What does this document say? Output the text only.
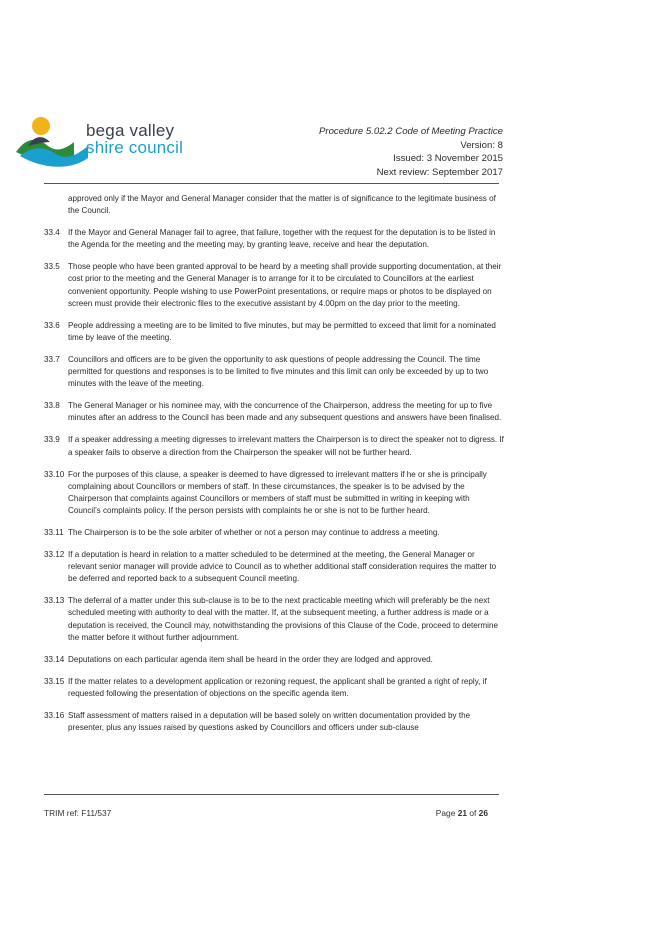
bega valley
shire council
Procedure 5.02.2 Code of Meeting Practice
Version: 8
Issued: 3 November 2015
Next review: September 2017
approved only if the Mayor and General Manager consider that the matter is of significance to the legitimate business of the Council.
33.4	If the Mayor and General Manager fail to agree, that failure, together with the request for the deputation is to be listed in the Agenda for the meeting and the meeting may, by granting leave, receive and hear the deputation.
33.5	Those people who have been granted approval to be heard by a meeting shall provide supporting documentation, at their cost prior to the meeting and the General Manager is to arrange for it to be circulated to Councillors at the earliest convenient opportunity. People wishing to use PowerPoint presentations, or require maps or photos to be displayed on screen must provide their electronic files to the executive assistant by 4.00pm on the day prior to the meeting.
33.6	People addressing a meeting are to be limited to five minutes, but may be permitted to exceed that limit for a nominated time by leave of the meeting.
33.7	Councillors and officers are to be given the opportunity to ask questions of people addressing the Council. The time permitted for questions and responses is to be limited to five minutes and this limit can only be exceeded by up to two minutes with the leave of the meeting.
33.8	The General Manager or his nominee may, with the concurrence of the Chairperson, address the meeting for up to five minutes after an address to the Council has been made and any subsequent questions and answers have been finalised.
33.9	If a speaker addressing a meeting digresses to irrelevant matters the Chairperson is to direct the speaker not to digress. If a speaker fails to observe a direction from the Chairperson the speaker will not be further heard.
33.10 For the purposes of this clause, a speaker is deemed to have digressed to irrelevant matters if he or she is principally complaining about Councillors or members of staff. In these circumstances, the speaker is to be advised by the Chairperson that complaints against Councillors or members of staff must be submitted in writing in keeping with Council’s complaints policy. If the person persists with complaints he or she is not to be further heard.
33.11 The Chairperson is to be the sole arbiter of whether or not a person may continue to address a meeting.
33.12 If a deputation is heard in relation to a matter scheduled to be determined at the meeting, the General Manager or relevant senior manager will provide advice to Council as to whether additional staff consideration requires the matter to be deferred and reported back to a subsequent Council meeting.
33.13 The deferral of a matter under this sub-clause is to be to the next practicable meeting which will preferably be the next scheduled meeting with authority to deal with the matter. If, at the subsequent meeting, a further address is made or a deputation is received, the Council may, notwithstanding the provisions of this Clause of the Code, proceed to determine the matter before it without further adjournment.
33.14 Deputations on each particular agenda item shall be heard in the order they are lodged and approved.
33.15 If the matter relates to a development application or rezoning request, the applicant shall be granted a right of reply, if requested following the presentation of objections on the specific agenda item.
33.16 Staff assessment of matters raised in a deputation will be based solely on written documentation provided by the presenter, plus any issues raised by questions asked by Councillors and officers under sub-clause
TRIM ref: F11/537	Page 21 of 26
